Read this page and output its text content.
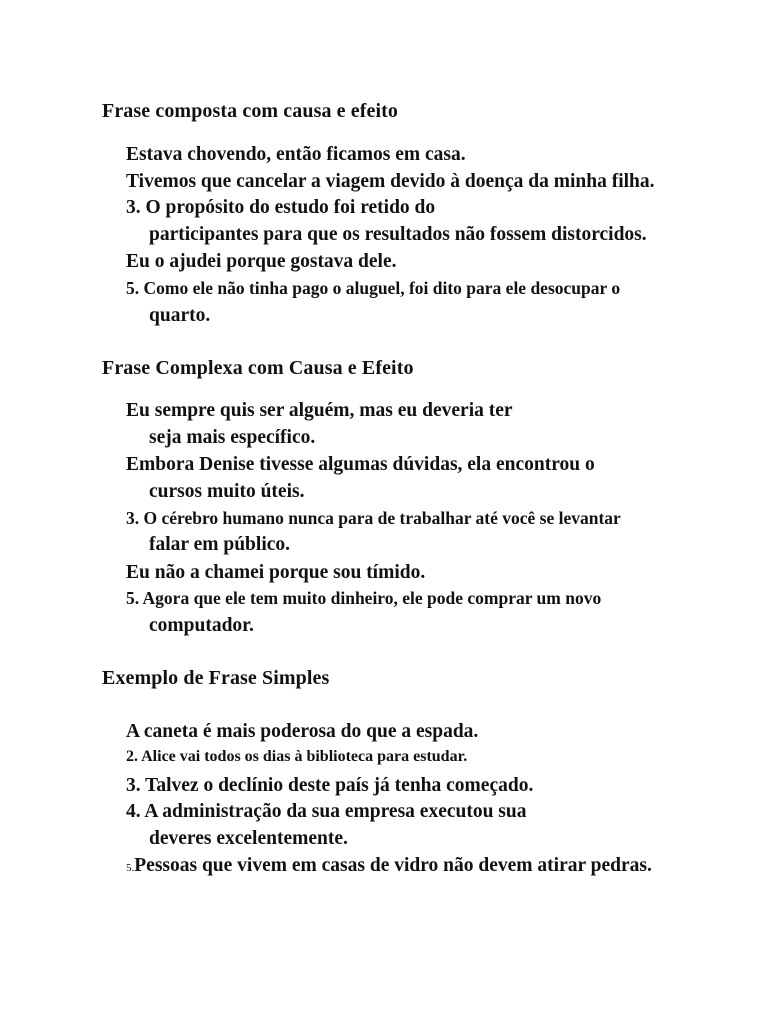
Frase composta com causa e efeito
Estava chovendo, então ficamos em casa.
Tivemos que cancelar a viagem devido à doença da minha filha.
3. O propósito do estudo foi retido do
participantes para que os resultados não fossem distorcidos.
Eu o ajudei porque gostava dele.
5. Como ele não tinha pago o aluguel, foi dito para ele desocupar o
quarto.
Frase Complexa com Causa e Efeito
Eu sempre quis ser alguém, mas eu deveria ter
seja mais específico.
Embora Denise tivesse algumas dúvidas, ela encontrou o
cursos muito úteis.
3. O cérebro humano nunca para de trabalhar até você se levantar
falar em público.
Eu não a chamei porque sou tímido.
5. Agora que ele tem muito dinheiro, ele pode comprar um novo
computador.
Exemplo de Frase Simples
A caneta é mais poderosa do que a espada.
2. Alice vai todos os dias à biblioteca para estudar.
3. Talvez o declínio deste país já tenha começado.
4. A administração da sua empresa executou sua
deveres excelentemente.
5.Pessoas que vivem em casas de vidro não devem atirar pedras.
